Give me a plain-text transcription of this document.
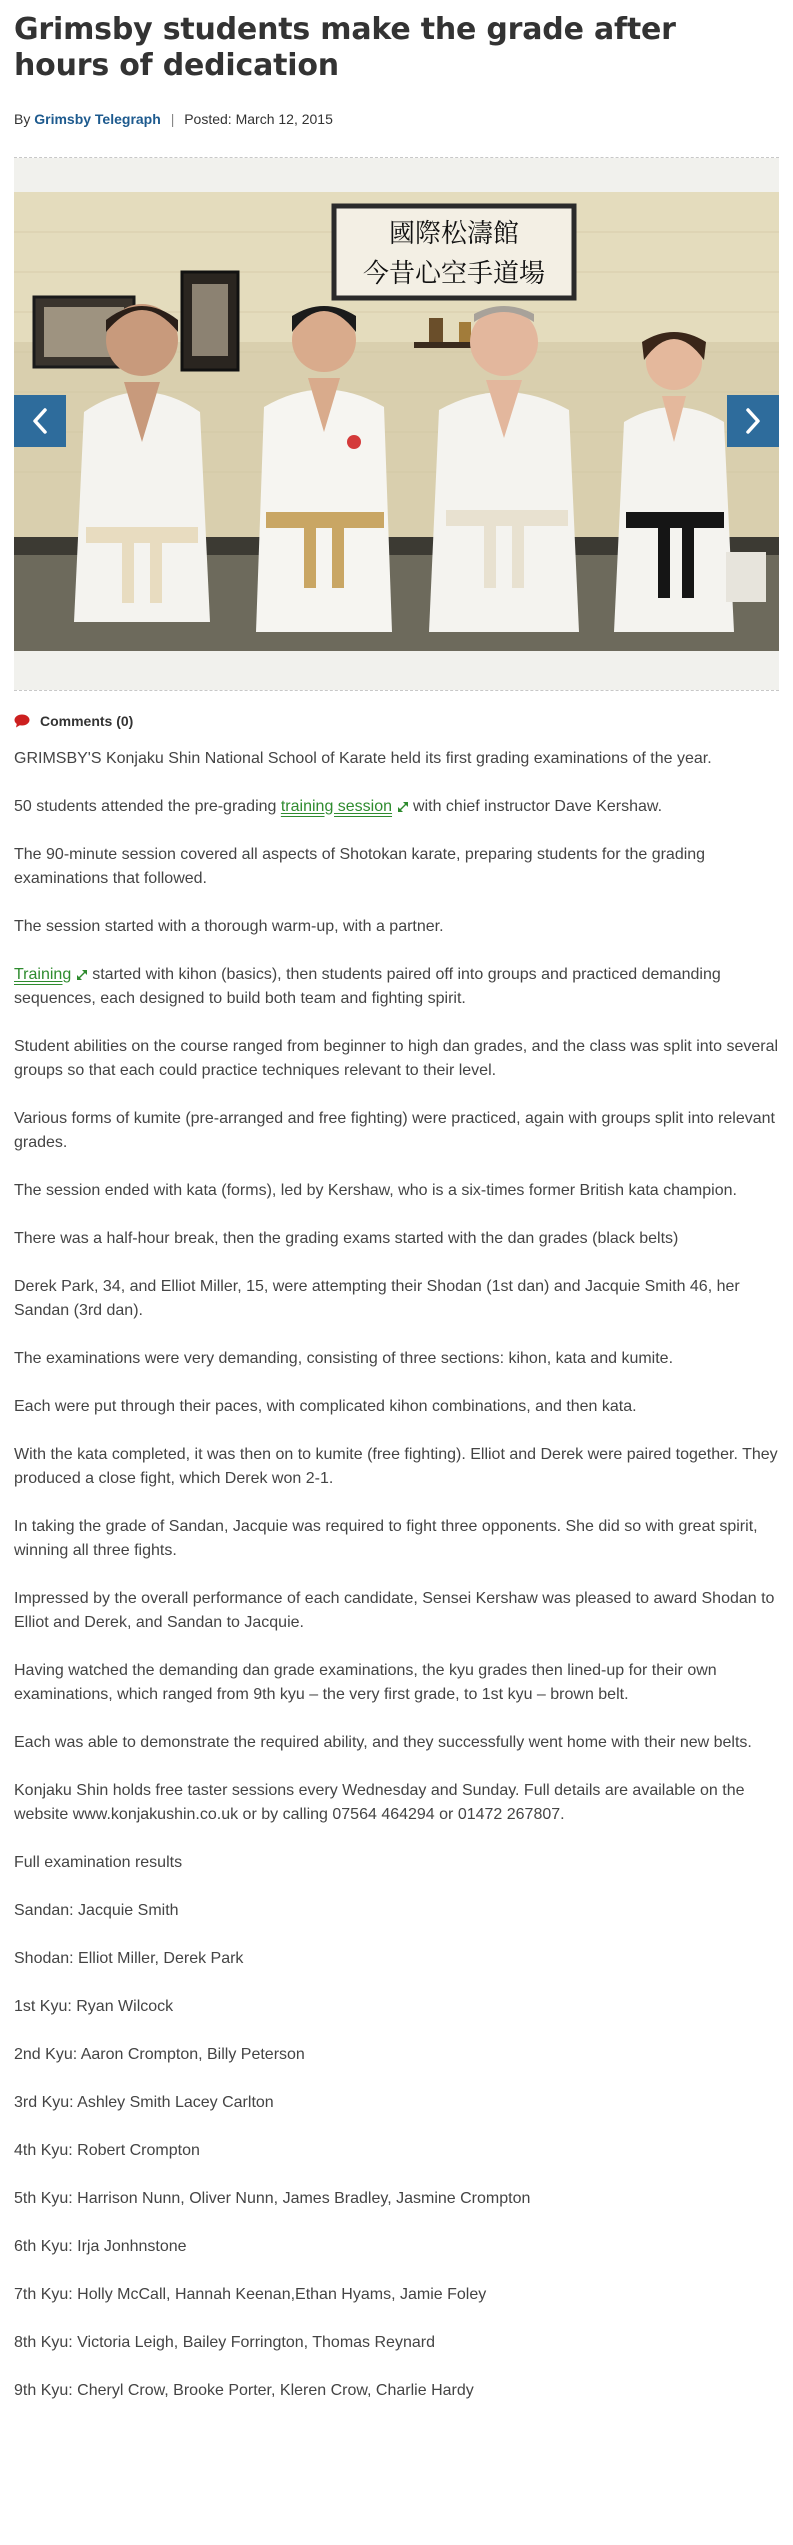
Grimsby students make the grade after hours of dedication
By Grimsby Telegraph | Posted: March 12, 2015
國際松濤館
今昔心空手道場
Comments (0)

GRIMSBY'S Konjaku Shin National School of Karate held its first grading examinations of the year.

50 students attended the pre-grading training session with chief instructor Dave Kershaw.

The 90-minute session covered all aspects of Shotokan karate, preparing students for the grading examinations that followed.

The session started with a thorough warm-up, with a partner.

Training started with kihon (basics), then students paired off into groups and practiced demanding sequences, each designed to build both team and fighting spirit.

Student abilities on the course ranged from beginner to high dan grades, and the class was split into several groups so that each could practice techniques relevant to their level.

Various forms of kumite (pre-arranged and free fighting) were practiced, again with groups split into relevant grades.

The session ended with kata (forms), led by Kershaw, who is a six-times former British kata champion.

There was a half-hour break, then the grading exams started with the dan grades (black belts)

Derek Park, 34, and Elliot Miller, 15, were attempting their Shodan (1st dan) and Jacquie Smith 46, her Sandan (3rd dan).

The examinations were very demanding, consisting of three sections: kihon, kata and kumite.

Each were put through their paces, with complicated kihon combinations, and then kata.

With the kata completed, it was then on to kumite (free fighting). Elliot and Derek were paired together. They produced a close fight, which Derek won 2-1.

In taking the grade of Sandan, Jacquie was required to fight three opponents. She did so with great spirit, winning all three fights.

Impressed by the overall performance of each candidate, Sensei Kershaw was pleased to award Shodan to Elliot and Derek, and Sandan to Jacquie.

Having watched the demanding dan grade examinations, the kyu grades then lined-up for their own examinations, which ranged from 9th kyu – the very first grade, to 1st kyu – brown belt.

Each was able to demonstrate the required ability, and they successfully went home with their new belts.

Konjaku Shin holds free taster sessions every Wednesday and Sunday. Full details are available on the website www.konjakushin.co.uk or by calling 07564 464294 or 01472 267807.

Full examination results

Sandan: Jacquie Smith

Shodan: Elliot Miller, Derek Park

1st Kyu: Ryan Wilcock

2nd Kyu: Aaron Crompton, Billy Peterson

3rd Kyu: Ashley Smith Lacey Carlton

4th Kyu: Robert Crompton

5th Kyu: Harrison Nunn, Oliver Nunn, James Bradley, Jasmine Crompton

6th Kyu: Irja Jonhnstone

7th Kyu: Holly McCall, Hannah Keenan,Ethan Hyams, Jamie Foley

8th Kyu: Victoria Leigh, Bailey Forrington, Thomas Reynard

9th Kyu: Cheryl Crow, Brooke Porter, Kleren Crow, Charlie Hardy
